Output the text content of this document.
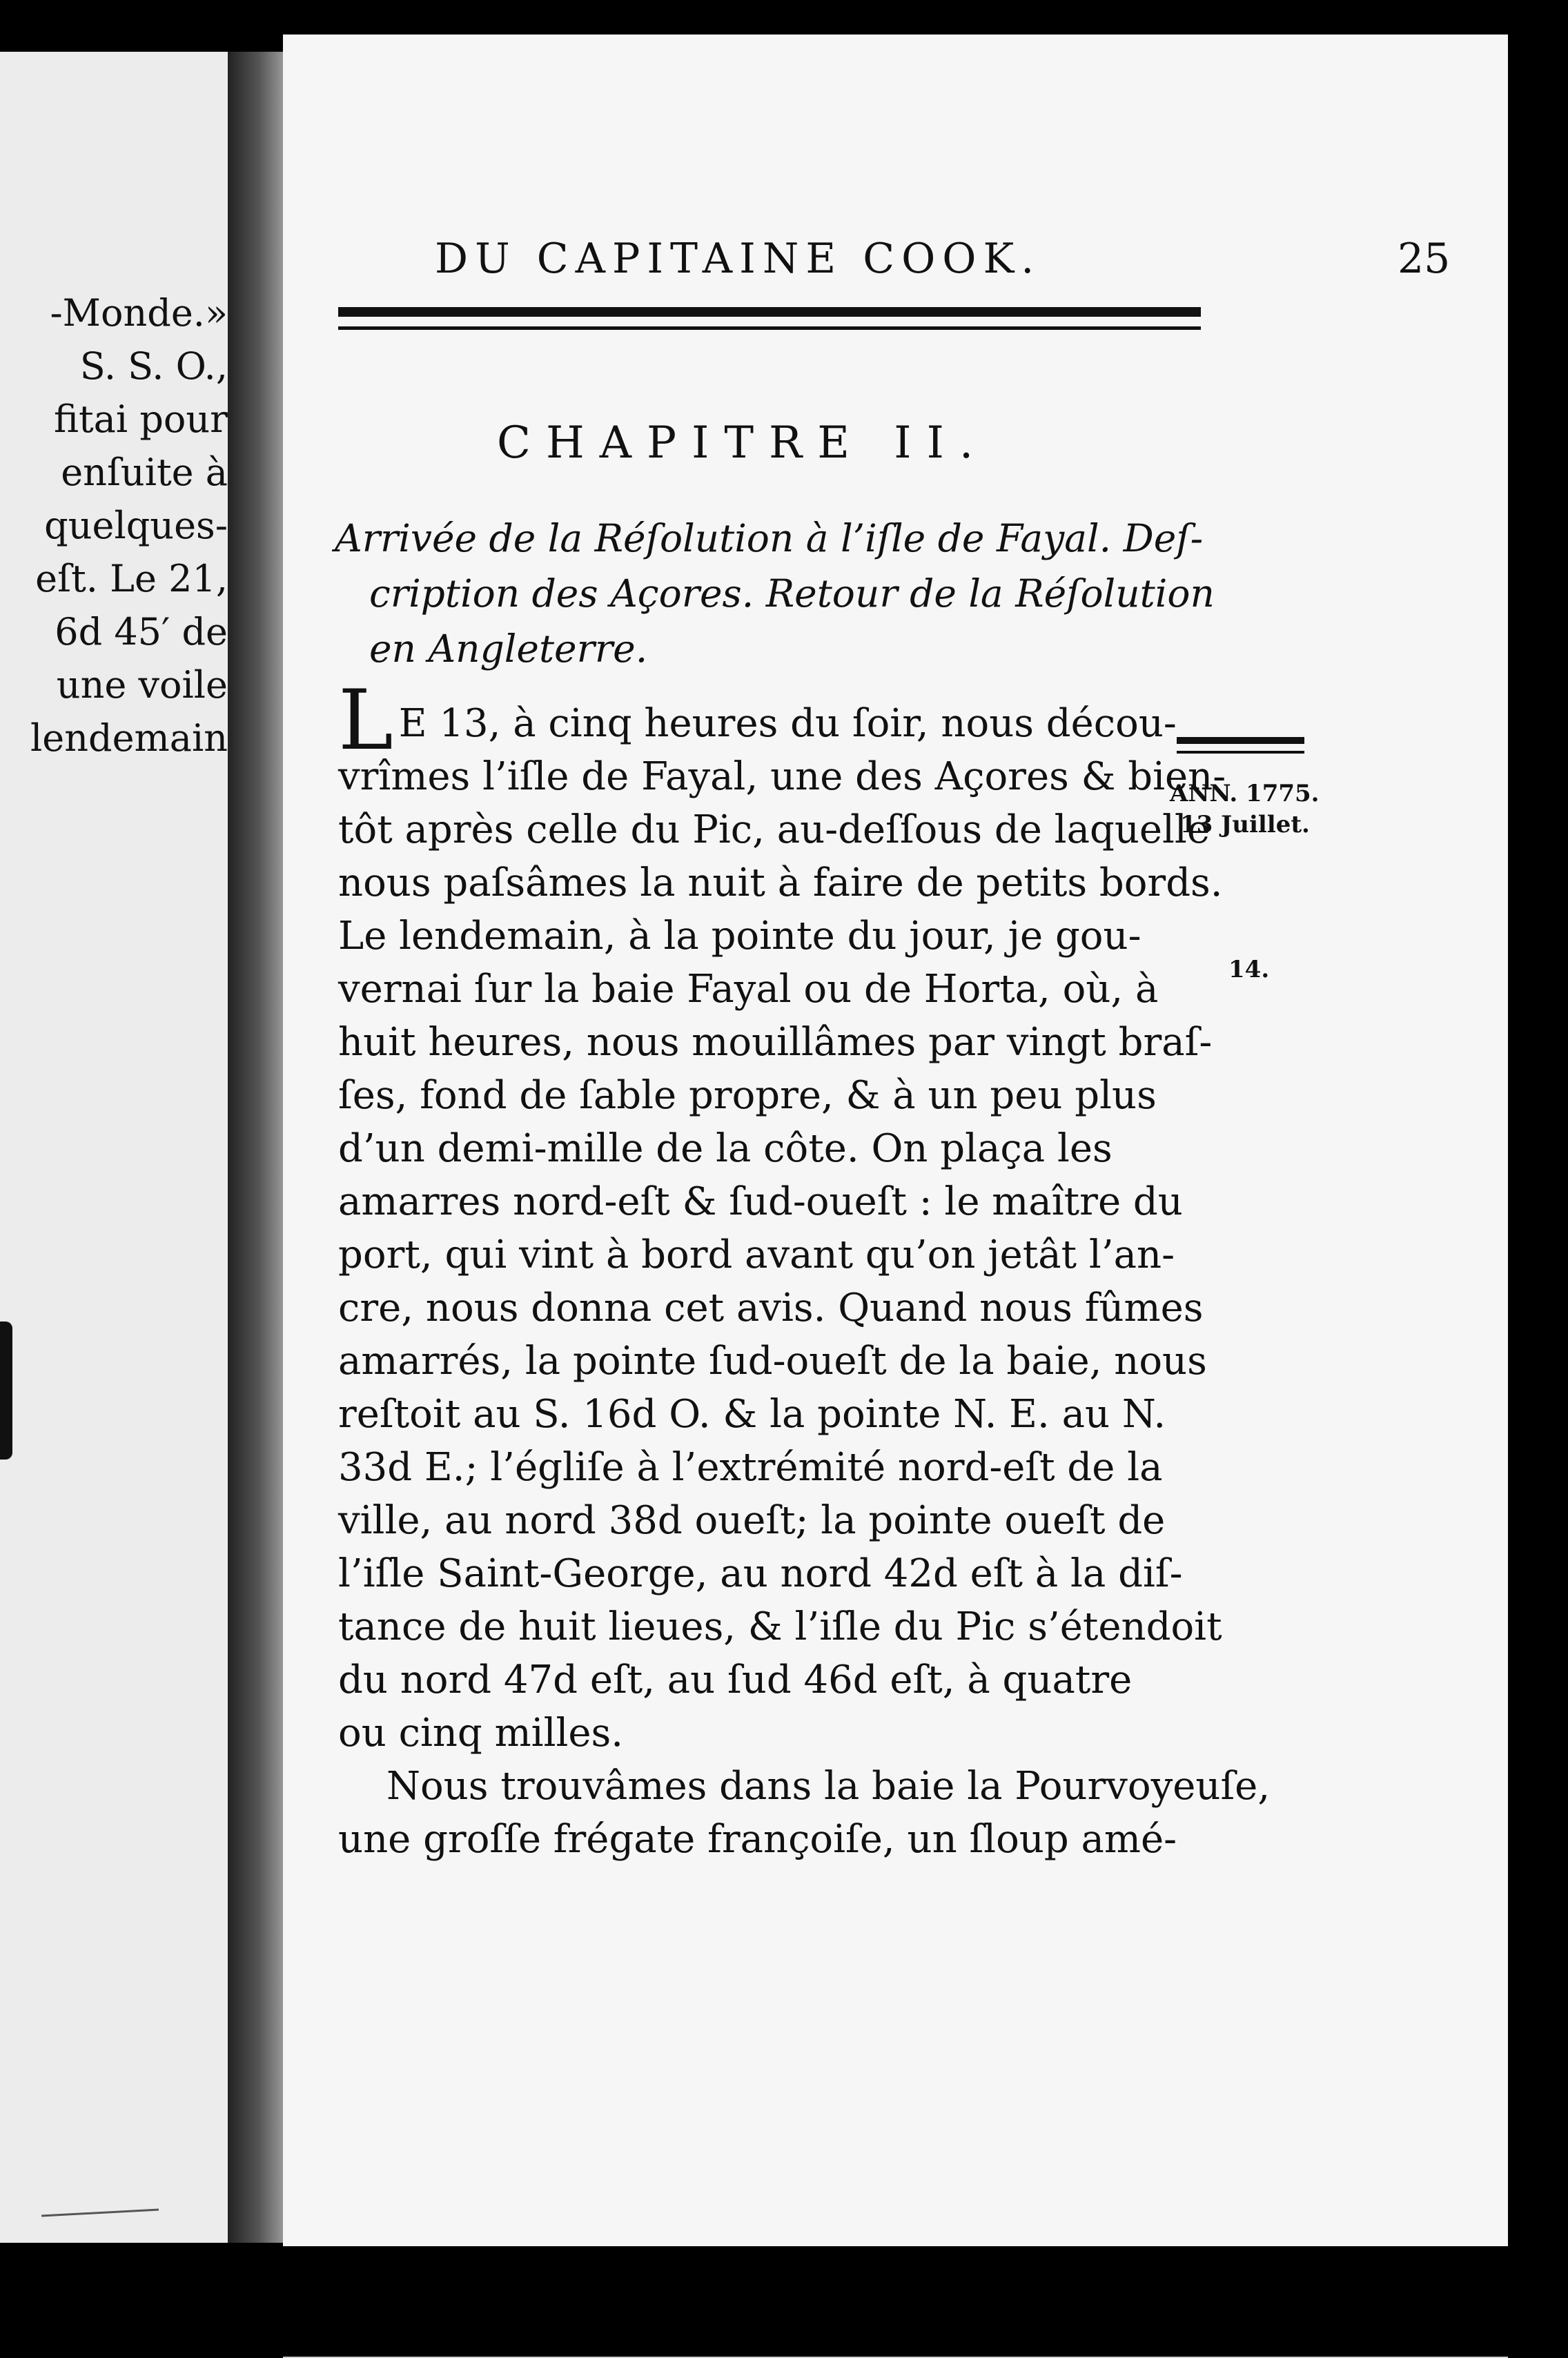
-Monde.»
S. S. O.,
fitai pour
enſuite à
quelques-
eſt. Le 21,
6d 45′ de
une voile
lendemain
DU CAPITAINE COOK.	25
CHAPITRE II.
Arrivée de la Réſolution à l’iſle de Fayal. Deſ-
cription des Açores. Retour de la Réſolution
en Angleterre.
ANN. 1775.
13 Juillet.
14.
L E 13, à cinq heures du ſoir, nous décou-
vrîmes l’iſle de Fayal, une des Açores & bien-
tôt après celle du Pic, au-deſſous de laquelle
nous paſsâmes la nuit à faire de petits bords.
Le lendemain, à la pointe du jour, je gou-
vernai ſur la baie Fayal ou de Horta, où, à
huit heures, nous mouillâmes par vingt braſ-
ſes, fond de ſable propre, & à un peu plus
d’un demi-mille de la côte. On plaça les
amarres nord-eſt & ſud-oueſt : le maître du
port, qui vint à bord avant qu’on jetât l’an-
cre, nous donna cet avis. Quand nous fûmes
amarrés, la pointe ſud-oueſt de la baie, nous
reſtoit au S. 16d O. & la pointe N. E. au N.
33d E.; l’égliſe à l’extrémité nord-eſt de la
ville, au nord 38d oueſt; la pointe oueſt de
l’iſle Saint-George, au nord 42d eſt à la diſ-
tance de huit lieues, & l’iſle du Pic s’étendoit
du nord 47d eſt, au ſud 46d eſt, à quatre
ou cinq milles.
Nous trouvâmes dans la baie la Pourvoyeuſe,
une groſſe frégate françoiſe, un ſloup amé-
